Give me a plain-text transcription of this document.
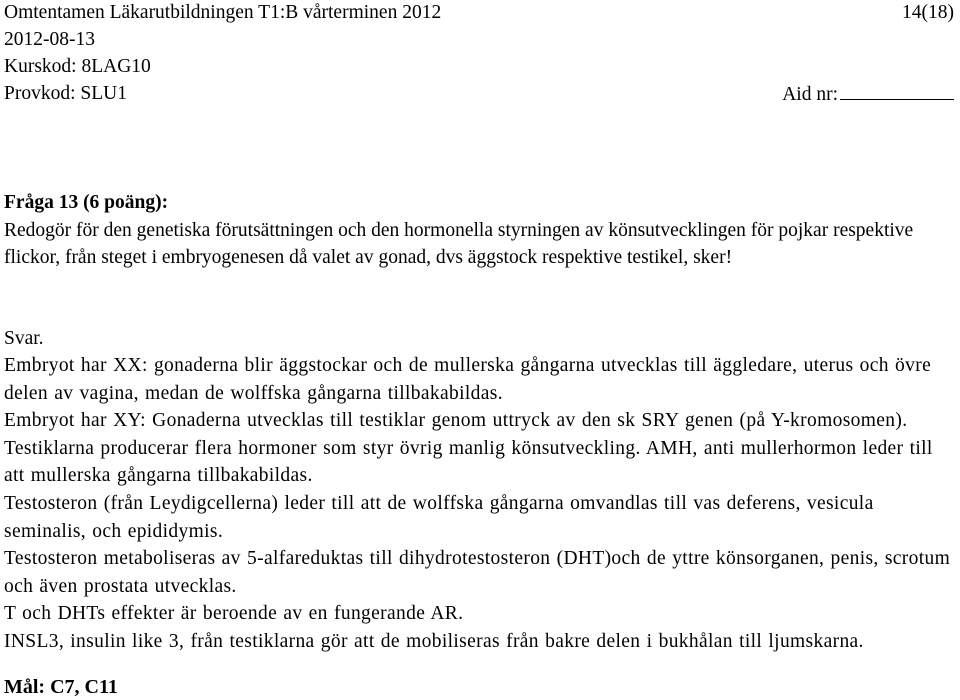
Omtentamen Läkarutbildningen T1:B vårterminen 2012	14(18)
2012-08-13
Kurskod: 8LAG10
Provkod: SLU1	Aid nr:
Fråga 13 (6 poäng):
Redogör för den genetiska förutsättningen och den hormonella styrningen av könsutvecklingen för pojkar respektive flickor, från steget i embryogenesen då valet av gonad, dvs äggstock respektive testikel, sker!
Svar.

Embryot har XX: gonaderna blir äggstockar och de mullerska gångarna utvecklas till äggledare, uterus och övre delen av vagina, medan de wolffska gångarna tillbakabildas.

Embryot har XY: Gonaderna utvecklas till testiklar genom uttryck av den sk SRY genen (på Y-kromosomen). Testiklarna producerar flera hormoner som styr övrig manlig könsutveckling. AMH, anti mullerhormon leder till att mullerska gångarna tillbakabildas.

Testosteron (från Leydigcellerna) leder till att de wolffska gångarna omvandlas till vas deferens, vesicula seminalis, och epididymis.

Testosteron metaboliseras av 5-alfareduktas till dihydrotestosteron (DHT)och de yttre könsorganen, penis, scrotum och även prostata utvecklas.

T och DHTs effekter är beroende av en fungerande AR.

INSL3, insulin like 3, från testiklarna gör att de mobiliseras från bakre delen i bukhålan till ljumskarna.

Mål: C7, C11
